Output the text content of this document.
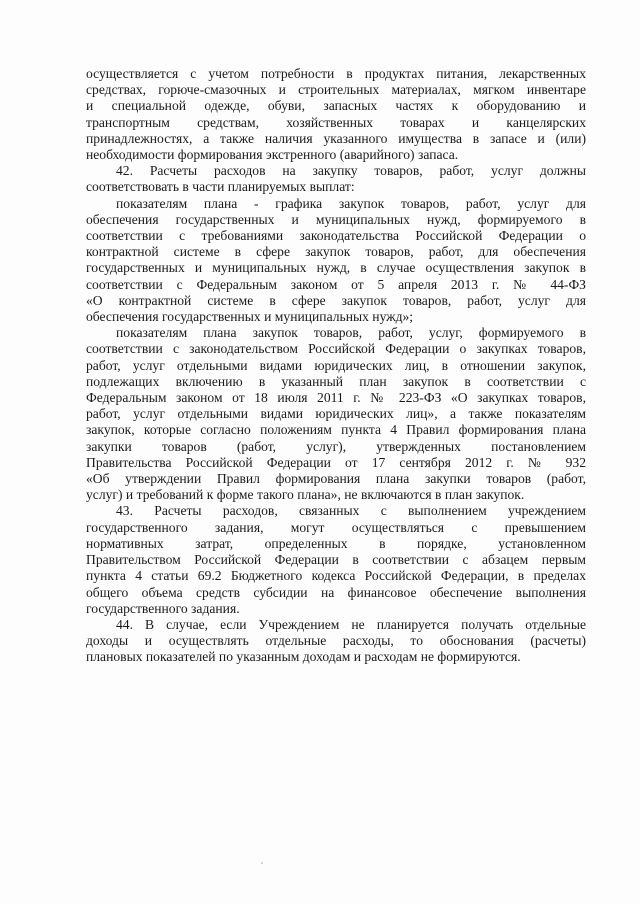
осуществляется с учетом потребности в продуктах питания, лекарственных
средствах, горюче-смазочных и строительных материалах, мягком инвентаре
и специальной одежде, обуви, запасных частях к оборудованию и
транспортным средствам, хозяйственных товарах и канцелярских
принадлежностях, а также наличия указанного имущества в запасе и (или)
необходимости формирования экстренного (аварийного) запаса.

42. Расчеты расходов на закупку товаров, работ, услуг должны
соответствовать в части планируемых выплат:

показателям плана - графика закупок товаров, работ, услуг для
обеспечения государственных и муниципальных нужд, формируемого в
соответствии с требованиями законодательства Российской Федерации о
контрактной системе в сфере закупок товаров, работ, для обеспечения
государственных и муниципальных нужд, в случае осуществления закупок в
соответствии с Федеральным законом от 5 апреля 2013 г. № 44-ФЗ
«О контрактной системе в сфере закупок товаров, работ, услуг для
обеспечения государственных и муниципальных нужд»;

показателям плана закупок товаров, работ, услуг, формируемого в
соответствии с законодательством Российской Федерации о закупках товаров,
работ, услуг отдельными видами юридических лиц, в отношении закупок,
подлежащих включению в указанный план закупок в соответствии с
Федеральным законом от 18 июля 2011 г. № 223-ФЗ «О закупках товаров,
работ, услуг отдельными видами юридических лиц», а также показателям
закупок, которые согласно положениям пункта 4 Правил формирования плана
закупки товаров (работ, услуг), утвержденных постановлением
Правительства Российской Федерации от 17 сентября 2012 г. № 932
«Об утверждении Правил формирования плана закупки товаров (работ,
услуг) и требований к форме такого плана», не включаются в план закупок.

43. Расчеты расходов, связанных с выполнением учреждением
государственного задания, могут осуществляться с превышением
нормативных затрат, определенных в порядке, установленном
Правительством Российской Федерации в соответствии с абзацем первым
пункта 4 статьи 69.2 Бюджетного кодекса Российской Федерации, в пределах
общего объема средств субсидии на финансовое обеспечение выполнения
государственного задания.

44. В случае, если Учреждением не планируется получать отдельные
доходы и осуществлять отдельные расходы, то обоснования (расчеты)
плановых показателей по указанным доходам и расходам не формируются.
